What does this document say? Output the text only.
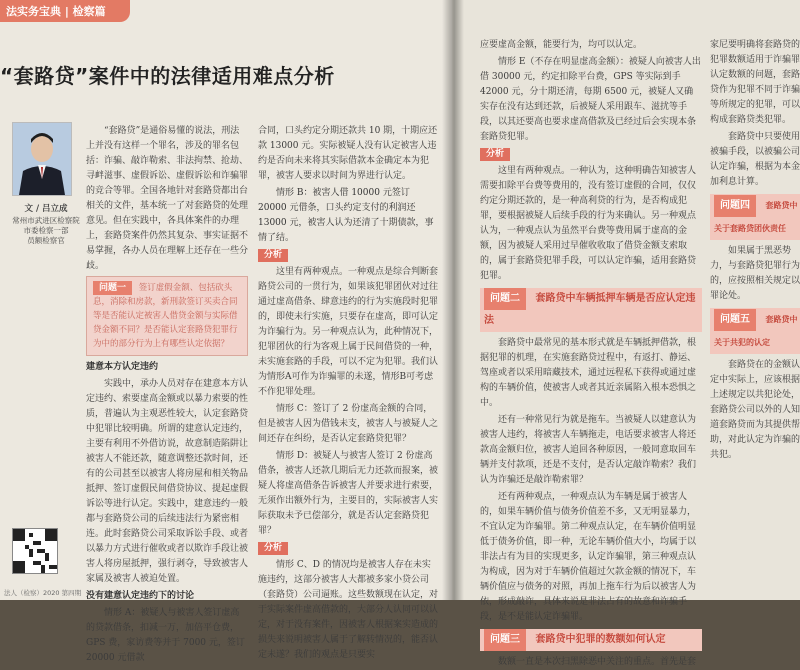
法实务宝典 | 检察篇
“套路贷”案件中的法律适用难点分析
文 / 吕立成
常州市武进区检察院
市委检察一部
员额检察官

“套路贷”是通俗易懂的说法，刑法上并没有这样一个罪名，涉及的罪名包括：诈骗、敲诈勒索、非法拘禁、抢劫、寻衅滋事、虚假诉讼、虚假诉讼和诈骗罪的竞合等罪。全国各地针对套路贷都出台相关的文件，基本统一了对套路贷的处理意见。但在实践中，各具体案件的办理上，套路贷案件仍然其复杂、事实证据不易掌握，各办人员在理解上还存在一些分歧。

问题一 签订虚假金额、包括砍头息，消除和房款，新刑款签订买卖合同等是否能认定被害人借贷金额与实际借贷金额不同？是否能认定套路贷犯罪行为中的部分行为上有哪些认定依据？

建意本方认定违约

实践中，承办人员对存在建意本方认定违约、索要虚高金额或以暴力索要的性质，普遍认为主观恶性较大，认定套路贷中犯罪比较明确。所谓的建意认定违约，主要有利用不外借访说，故意制造陷阱让被害人不能还款，随意调整还款时间，还有的公司甚至以被害人将房屋和相关物品抵押、签订虚假民间借贷协议、提起虚假诉讼等进行认定。实践中，建意违约一般都与套路贷公司的后续违法行为紧密相连。此时套路贷公司采取诉讼手段、或者以暴力方式进行催收或者以欺诈手段让被害人将房屋抵押，强行剥夺，导致被害人家属及被害人被迫处置。

没有建意认定违约下的讨论

情形 A：被疑人与被害人签订虚高的贷款借条，扣减一万，加倍平仓费，GPS 费，家访费等并于 7000 元，签订 20000 元借款

合同，口头约定分期还款共 10 期，十期应还款 13000 元。实际被疑人没有认定被害人违约是否向未来将其实际借款本金确定本为犯罪，被害人要求以时间为界进行认定。

情形 B：被害人借 10000 元签订 20000 元借条，口头约定支付的利润还 13000 元，被害人认为还清了十期债款，事情了结。

分析

这里有两种观点。一种观点是综合判断套路贷公司的一贯行为，如果该犯罪团伙对过往通过虚高借条、肆意违约的行为实施段时犯罪的，即使未行实施，只要存在虚高，即可认定为诈骗行为。另一种观点认为，此种情况下，犯罪团伙的行为客观上属于民间借贷的一种，未实施套路的手段，可以不定为犯罪。我们认为情形A可作为诈骗罪的未遂，情形B可考虑不作犯罪处理。

情形 C：签订了 2 份虚高金额的合同，但是被害人因为借钱未支，被害人与被疑人之间还存在纠纷，是否认定套路贷犯罪？

情形 D：被疑人与被害人签订 2 份虚高借条，被害人还款几期后无力还款而报案，被疑人将虚高借条告诉被害人并要求进行索要，无须作出额外行为，主要目的，实际被害人实际获取未予已偿部分，就是否认定套路贷犯罪？

分析

情形 C、D 的情况均是被害人存在未实施违约，这部分被害人大都被多家小贷公司（套路贷）公司逼账。这些数额现在认定，对于实际案件虚高借款的，大部分人认同可以认定，对于没有案件，因被害人根据案实造成的损失来说明被害人属于了解转情况的，能否认定未遂？我们的观点是只要实

法人（检察）2020 第四期

应要虚高金额，能要行为，均可以认定。

情形 E（不存在明显虚高金额）：被疑人向被害人出借 30000 元，约定扣除平台费，GPS 等实际到手 42000 元，分十期还清，每期 6500 元，被疑人又确实存在没有达到还款，后被疑人采用跟车、滋扰等手段，以其还要高也要求虚高借款及已经过后会实现本条套路贷犯罪。

分析

这里有两种观点。一种认为，这种明确告知被害人需要扣除平台费等费用的，没有签订虚假的合同，仅仅约定分期还款的，是一种高利贷的行为，是否构成犯罪，要根据被疑人后续手段的行为来确认。另一种观点认为，一种观点认为虽然平台费等费用属于虚高的金额，因为被疑人采用过早催收收取了借贷金额支索取的，属于套路贷犯罪手段，可以认定诈骗，适用套路贷犯罪。

问题二 套路贷中车辆抵押车辆是否应认定违法

套路贷中最常见的基本形式就是车辆抵押借款，根据犯罪的机理，在实施套路贷过程中，有返打、静运、驾座或者以采用暗藏技术，通过远程私下获得或通过虚构的车辆价值，使被害人或者其近亲属陷入根本恐惧之中。

还有一种常见行为就是拖车。当被疑人以建意认为被害人违约，将被害人车辆拖走，电话要求被害人将还款高金额归位，被害人追回各种原因，一般同意取回车辆并支付款项，还是不支付，是否认定敲诈勒索？我们认为诈骗还是敲诈勒索罪？

还有两种观点，一种观点认为车辆是属于被害人的，如果车辆价值与债务价值差不多，又无明显暴力，不宜认定为诈骗罪。第二种观点认定，在车辆价值明显低于债务价值，即一种，无论车辆价值大小，均属于以非法占有为目的实现更多，认定诈骗罪，第三种观点认为构成，因为对于车辆价值超过欠款金额的情况下，车辆价值应与债务的对照，再加上拖车行为后以被害人为依，形成敲诈，具体来说是非法占有的故意和诈骗手段，是不是能认定诈骗罪。

问题三 套路贷中犯罪的数额如何认定

数额一直是本次扫黑除恶中关注的重点。首先是套

家尼要明确将套路贷的犯罪数额适用于诈骗罪认定数额的问题，套路贷作为犯罪不同于诈骗等所规定的犯罪，可以构成套路贷类犯罪。

套路贷中只要使用被骗手段，以被骗公司认定诈骗，根据为本金加利息计算。

问题四 套路贷中关于套路贷团伙责任

如果属于黑恶势力，与套路贷犯罪行为的，应按照相关规定以罪论处。

问题五 套路贷中关于共犯的认定

套路贷在的金额认定中实际上，应该根据上述规定以共犯论处，套路贷公司以外的人知道套路贷而为其提供帮助，对此认定为诈骗的共犯。
